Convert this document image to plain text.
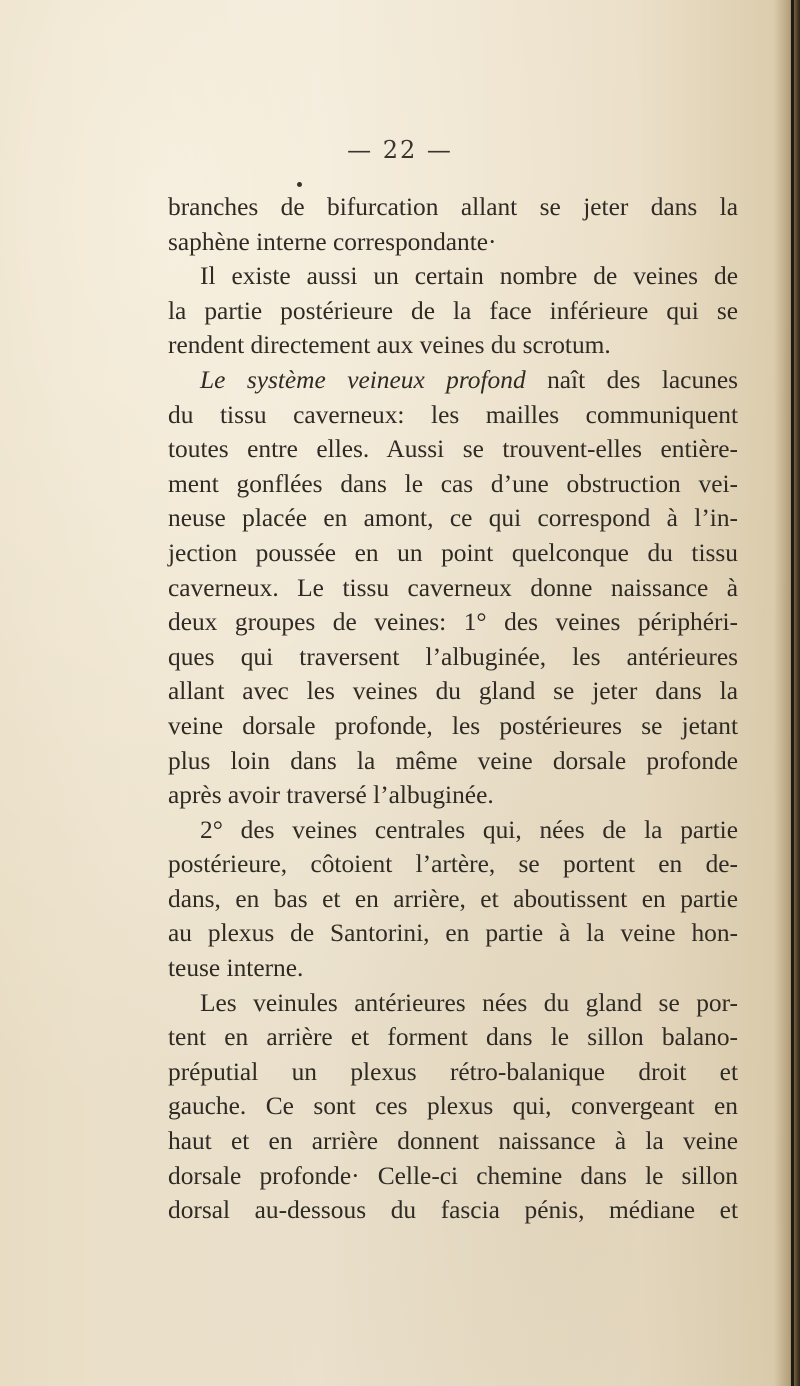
— 22 —
branches de bifurcation allant se jeter dans la
saphène interne correspondante·
Il existe aussi un certain nombre de veines de
la partie postérieure de la face inférieure qui se
rendent directement aux veines du scrotum.
Le système veineux profond naît des lacunes
du tissu caverneux: les mailles communiquent
toutes entre elles. Aussi se trouvent-elles entière-
ment gonflées dans le cas d’une obstruction vei-
neuse placée en amont, ce qui correspond à l’in-
jection poussée en un point quelconque du tissu
caverneux. Le tissu caverneux donne naissance à
deux groupes de veines: 1° des veines périphéri-
ques qui traversent l’albuginée, les antérieures
allant avec les veines du gland se jeter dans la
veine dorsale profonde, les postérieures se jetant
plus loin dans la même veine dorsale profonde
après avoir traversé l’albuginée.
2° des veines centrales qui, nées de la partie
postérieure, côtoient l’artère, se portent en de-
dans, en bas et en arrière, et aboutissent en partie
au plexus de Santorini, en partie à la veine hon-
teuse interne.
Les veinules antérieures nées du gland se por-
tent en arrière et forment dans le sillon balano-
préputial un plexus rétro-balanique droit et
gauche. Ce sont ces plexus qui, convergeant en
haut et en arrière donnent naissance à la veine
dorsale profonde· Celle-ci chemine dans le sillon
dorsal au-dessous du fascia pénis, médiane et
